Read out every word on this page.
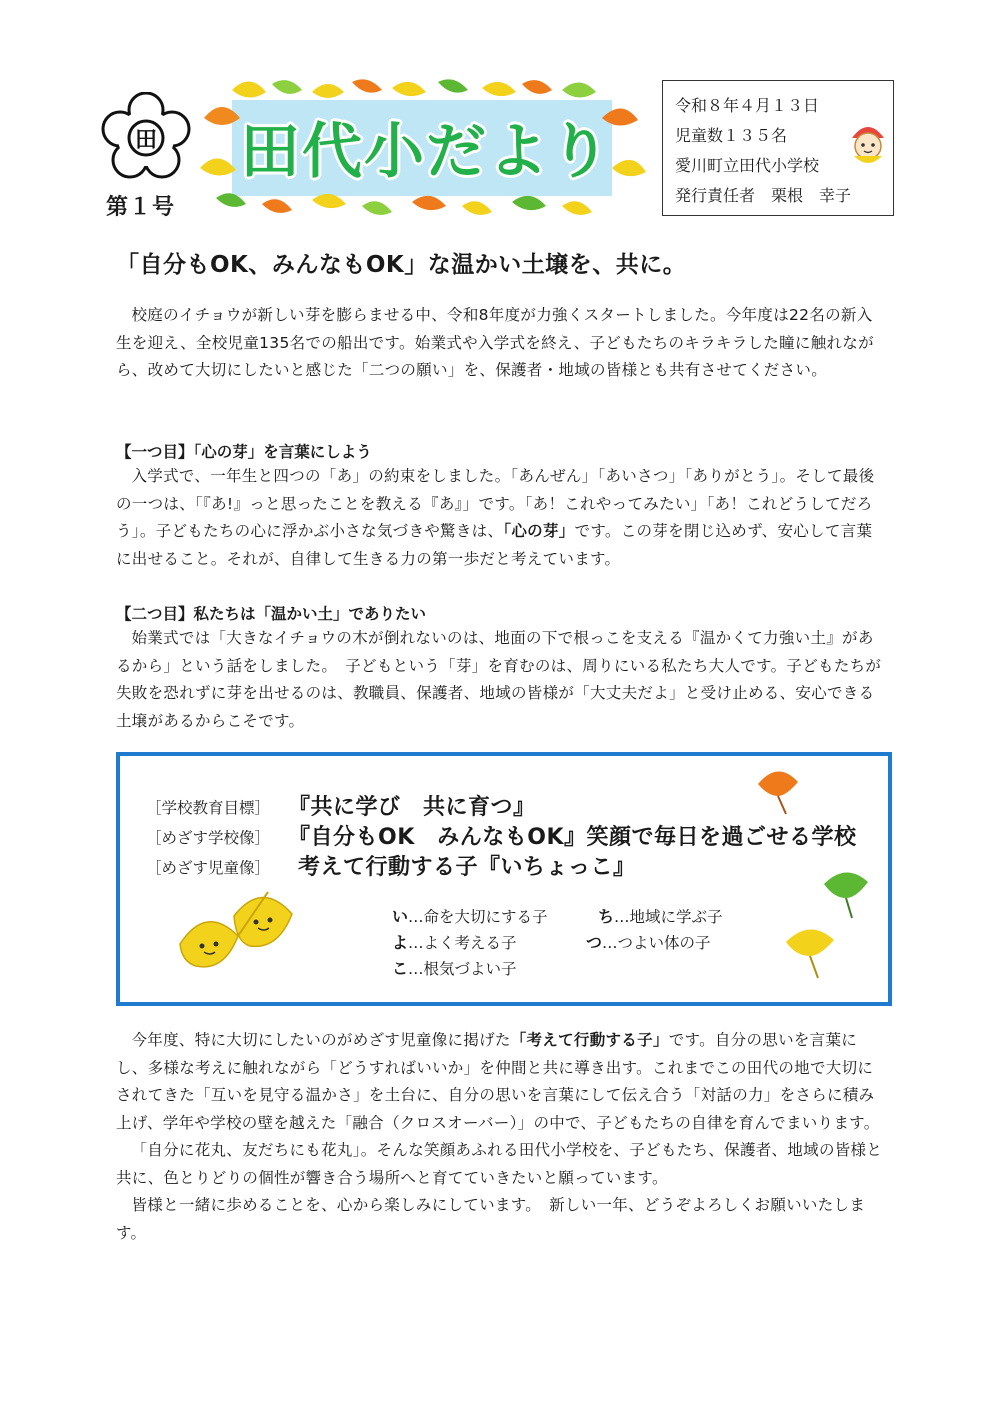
田
第１号
田代小だより
令和８年４月１３日
児童数１３５名
愛川町立田代小学校
発行責任者　栗根　幸子
「自分もOK、みんなもOK」な温かい土壌を、共に。

校庭のイチョウが新しい芽を膨らませる中、令和8年度が力強くスタートしました。今年度は22名の新入生を迎え、全校児童135名での船出です。始業式や入学式を終え、子どもたちのキラキラした瞳に触れながら、改めて大切にしたいと感じた「二つの願い」を、保護者・地域の皆様とも共有させてください。

【一つ目】「心の芽」を言葉にしよう

入学式で、一年生と四つの「あ」の約束をしました。「あんぜん」「あいさつ」「ありがとう」。そして最後の一つは、「『あ!』っと思ったことを教える『あ』」です。「あ！これやってみたい」「あ！これどうしてだろう」。子どもたちの心に浮かぶ小さな気づきや驚きは、「心の芽」です。この芽を閉じ込めず、安心して言葉に出せること。それが、自律して生きる力の第一歩だと考えています。

【二つ目】私たちは「温かい土」でありたい

始業式では「大きなイチョウの木が倒れないのは、地面の下で根っこを支える『温かくて力強い土』があるから」という話をしました。　子どもという「芽」を育むのは、周りにいる私たち大人です。子どもたちが失敗を恐れずに芽を出せるのは、教職員、保護者、地域の皆様が「大丈夫だよ」と受け止める、安心できる土壌があるからこそです。

［学校教育目標］ 『共に学び　共に育つ』
［めざす学校像］ 『自分もOK　みんなもOK』笑顔で毎日を過ごせる学校
［めざす児童像］ 考えて行動する子『いちょっこ』
い…命を大切にする子	ち…地域に学ぶ子
よ…よく考える子	つ…つよい体の子
こ…根気づよい子

今年度、特に大切にしたいのがめざす児童像に掲げた「考えて行動する子」です。自分の思いを言葉にし、多様な考えに触れながら「どうすればいいか」を仲間と共に導き出す。これまでこの田代の地で大切にされてきた「互いを見守る温かさ」を土台に、自分の思いを言葉にして伝え合う「対話の力」をさらに積み上げ、学年や学校の壁を越えた「融合（クロスオーバー）」の中で、子どもたちの自律を育んでまいります。

「自分に花丸、友だちにも花丸」。そんな笑顔あふれる田代小学校を、子どもたち、保護者、地域の皆様と共に、色とりどりの個性が響き合う場所へと育てていきたいと願っています。

皆様と一緒に歩めることを、心から楽しみにしています。　新しい一年、どうぞよろしくお願いいたします。
